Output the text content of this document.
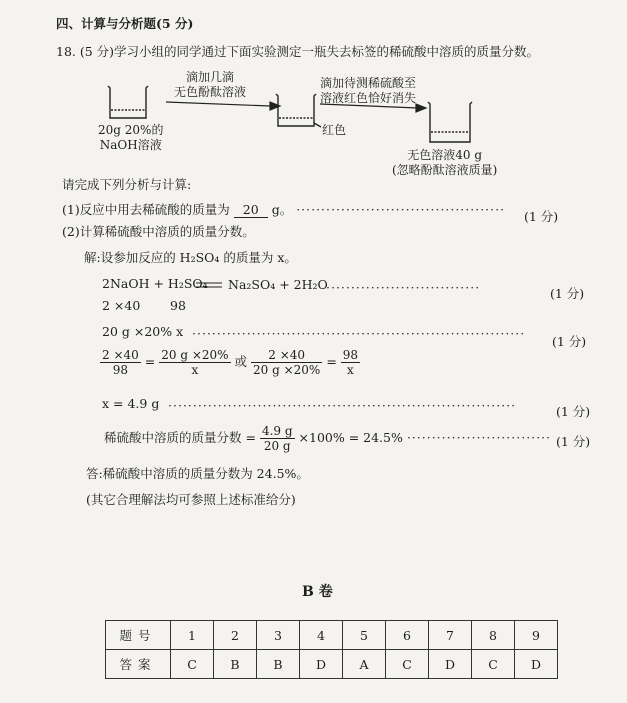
四、计算与分析题(5 分)
18. (5 分)学习小组的同学通过下面实验测定一瓶失去标签的稀硫酸中溶质的质量分数。
滴加几滴
无色酚酞溶液
滴加待测稀硫酸至
溶液红色恰好消失
20g 20%的
NaOH溶液
红色
无色溶液40 g
(忽略酚酞溶液质量)
请完成下列分析与计算:
(1)反应中用去稀硫酸的质量为 20 g。 ·········································· (1 分)
(2)计算稀硫酸中溶质的质量分数。
解:设参加反应的 H₂SO₄ 的质量为 x。
2NaOH + H₂SO₄ Na₂SO₄ + 2H₂O
·······························	(1 分)
2 ×40 98
20 g ×20% x ···································································
(1 分)
$\frac{2 \times 40}{98} = \frac{20 g \times 20\%}{x}$ 或 $\frac{2 \times 40}{20 g \times 20\%} = \frac{98}{x}$
x = 4.9 g ······································································	(1 分)
稀硫酸中溶质的质量分数 = $\frac{4.9 g}{20 g} \times 100\% = 24.5\%$ ····························· (1 分)
答:稀硫酸中溶质的质量分数为 24.5%。
(其它合理解法均可参照上述标准给分)
B 卷
题号	1	2	3	4	5	6	7	8	9
答案	C	B	B	D	A	C	D	C	D
